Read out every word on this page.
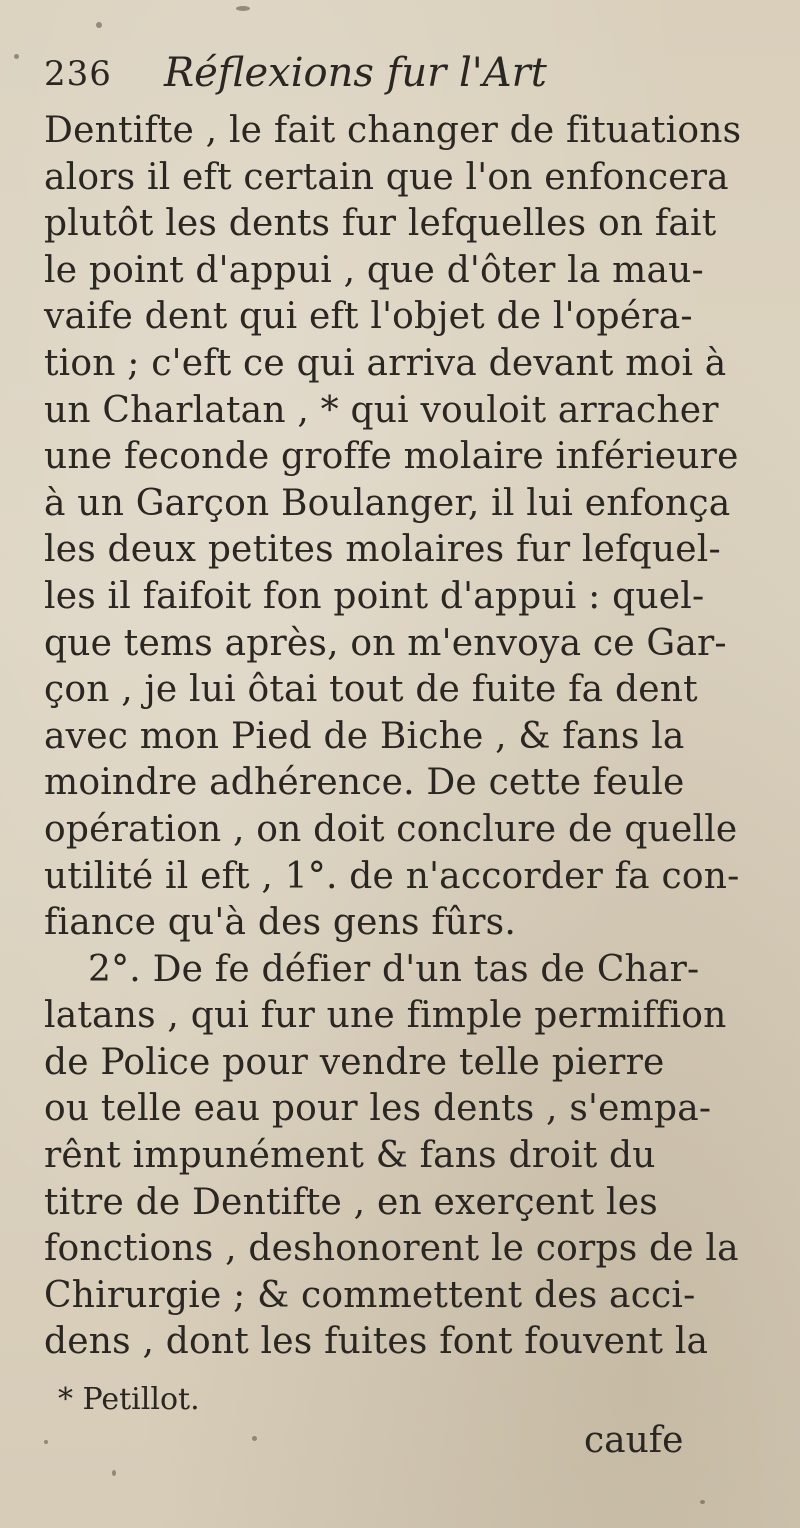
236 Réflexions fur l'Art
Dentifte , le fait changer de fituations
alors il eft certain que l'on enfoncera
plutôt les dents fur lefquelles on fait
le point d'appui , que d'ôter la mau-
vaife dent qui eft l'objet de l'opéra-
tion ; c'eft ce qui arriva devant moi à
un Charlatan , * qui vouloit arracher
une feconde groffe molaire inférieure
à un Garçon Boulanger, il lui enfonça
les deux petites molaires fur lefquel-
les il faifoit fon point d'appui : quel-
que tems après, on m'envoya ce Gar-
çon , je lui ôtai tout de fuite fa dent
avec mon Pied de Biche , & fans la
moindre adhérence. De cette feule
opération , on doit conclure de quelle
utilité il eft , 1°. de n'accorder fa con-
fiance qu'à des gens fûrs.
2°. De fe défier d'un tas de Char-
latans , qui fur une fimple permiffion
de Police pour vendre telle pierre
ou telle eau pour les dents , s'empa-
rênt impunément & fans droit du
titre de Dentifte , en exerçent les
fonctions , deshonorent le corps de la
Chirurgie ; & commettent des acci-
dens , dont les fuites font fouvent la
* Petillot.
caufe
